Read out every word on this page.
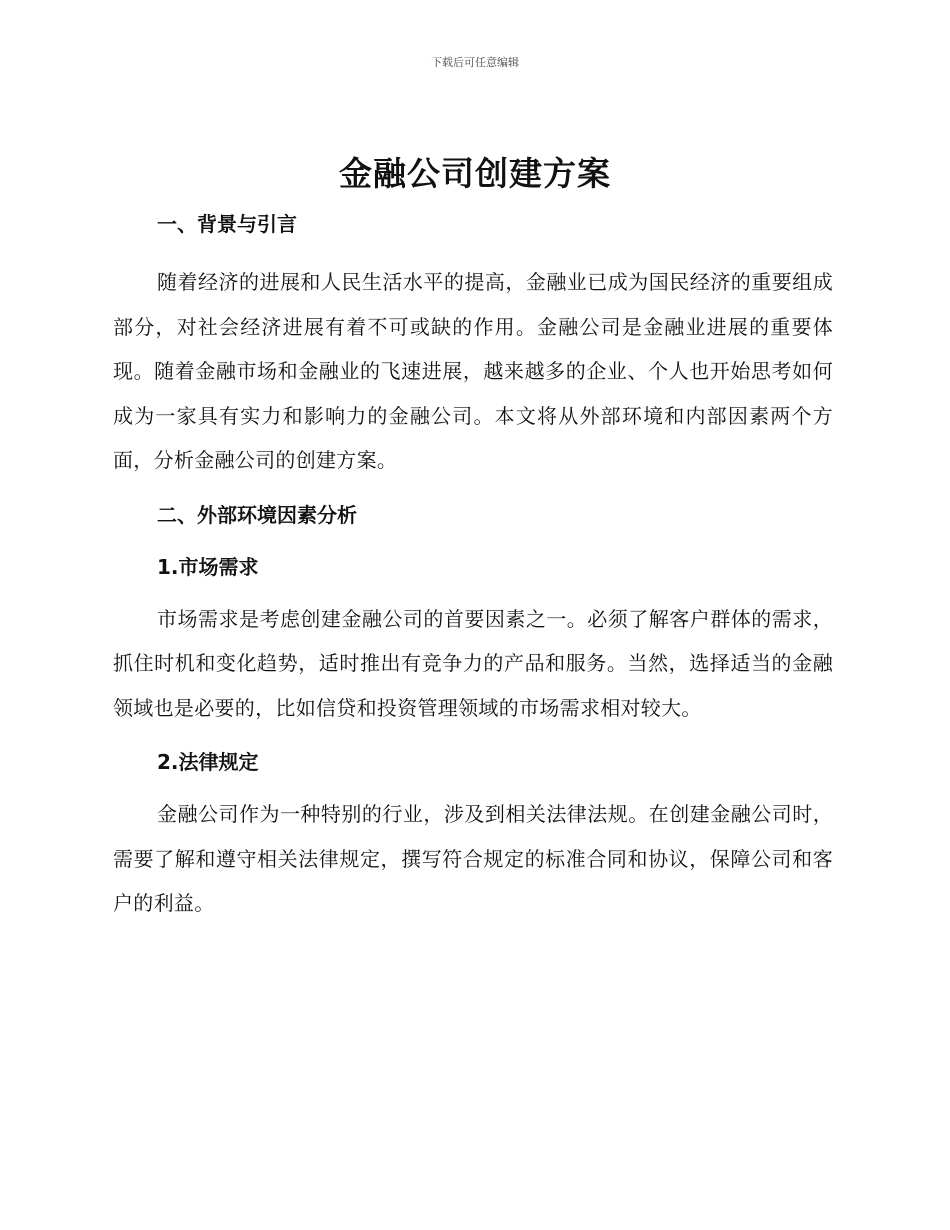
下载后可任意编辑
金融公司创建方案
一、背景与引言

随着经济的进展和人民生活水平的提高，金融业已成为国民经济的重要组成部分，对社会经济进展有着不可或缺的作用。金融公司是金融业进展的重要体现。随着金融市场和金融业的飞速进展，越来越多的企业、个人也开始思考如何成为一家具有实力和影响力的金融公司。本文将从外部环境和内部因素两个方面，分析金融公司的创建方案。

二、外部环境因素分析
1.市场需求

市场需求是考虑创建金融公司的首要因素之一。必须了解客户群体的需求，抓住时机和变化趋势，适时推出有竞争力的产品和服务。当然，选择适当的金融领域也是必要的，比如信贷和投资管理领域的市场需求相对较大。

2.法律规定

金融公司作为一种特别的行业，涉及到相关法律法规。在创建金融公司时，需要了解和遵守相关法律规定，撰写符合规定的标准合同和协议，保障公司和客户的利益。
